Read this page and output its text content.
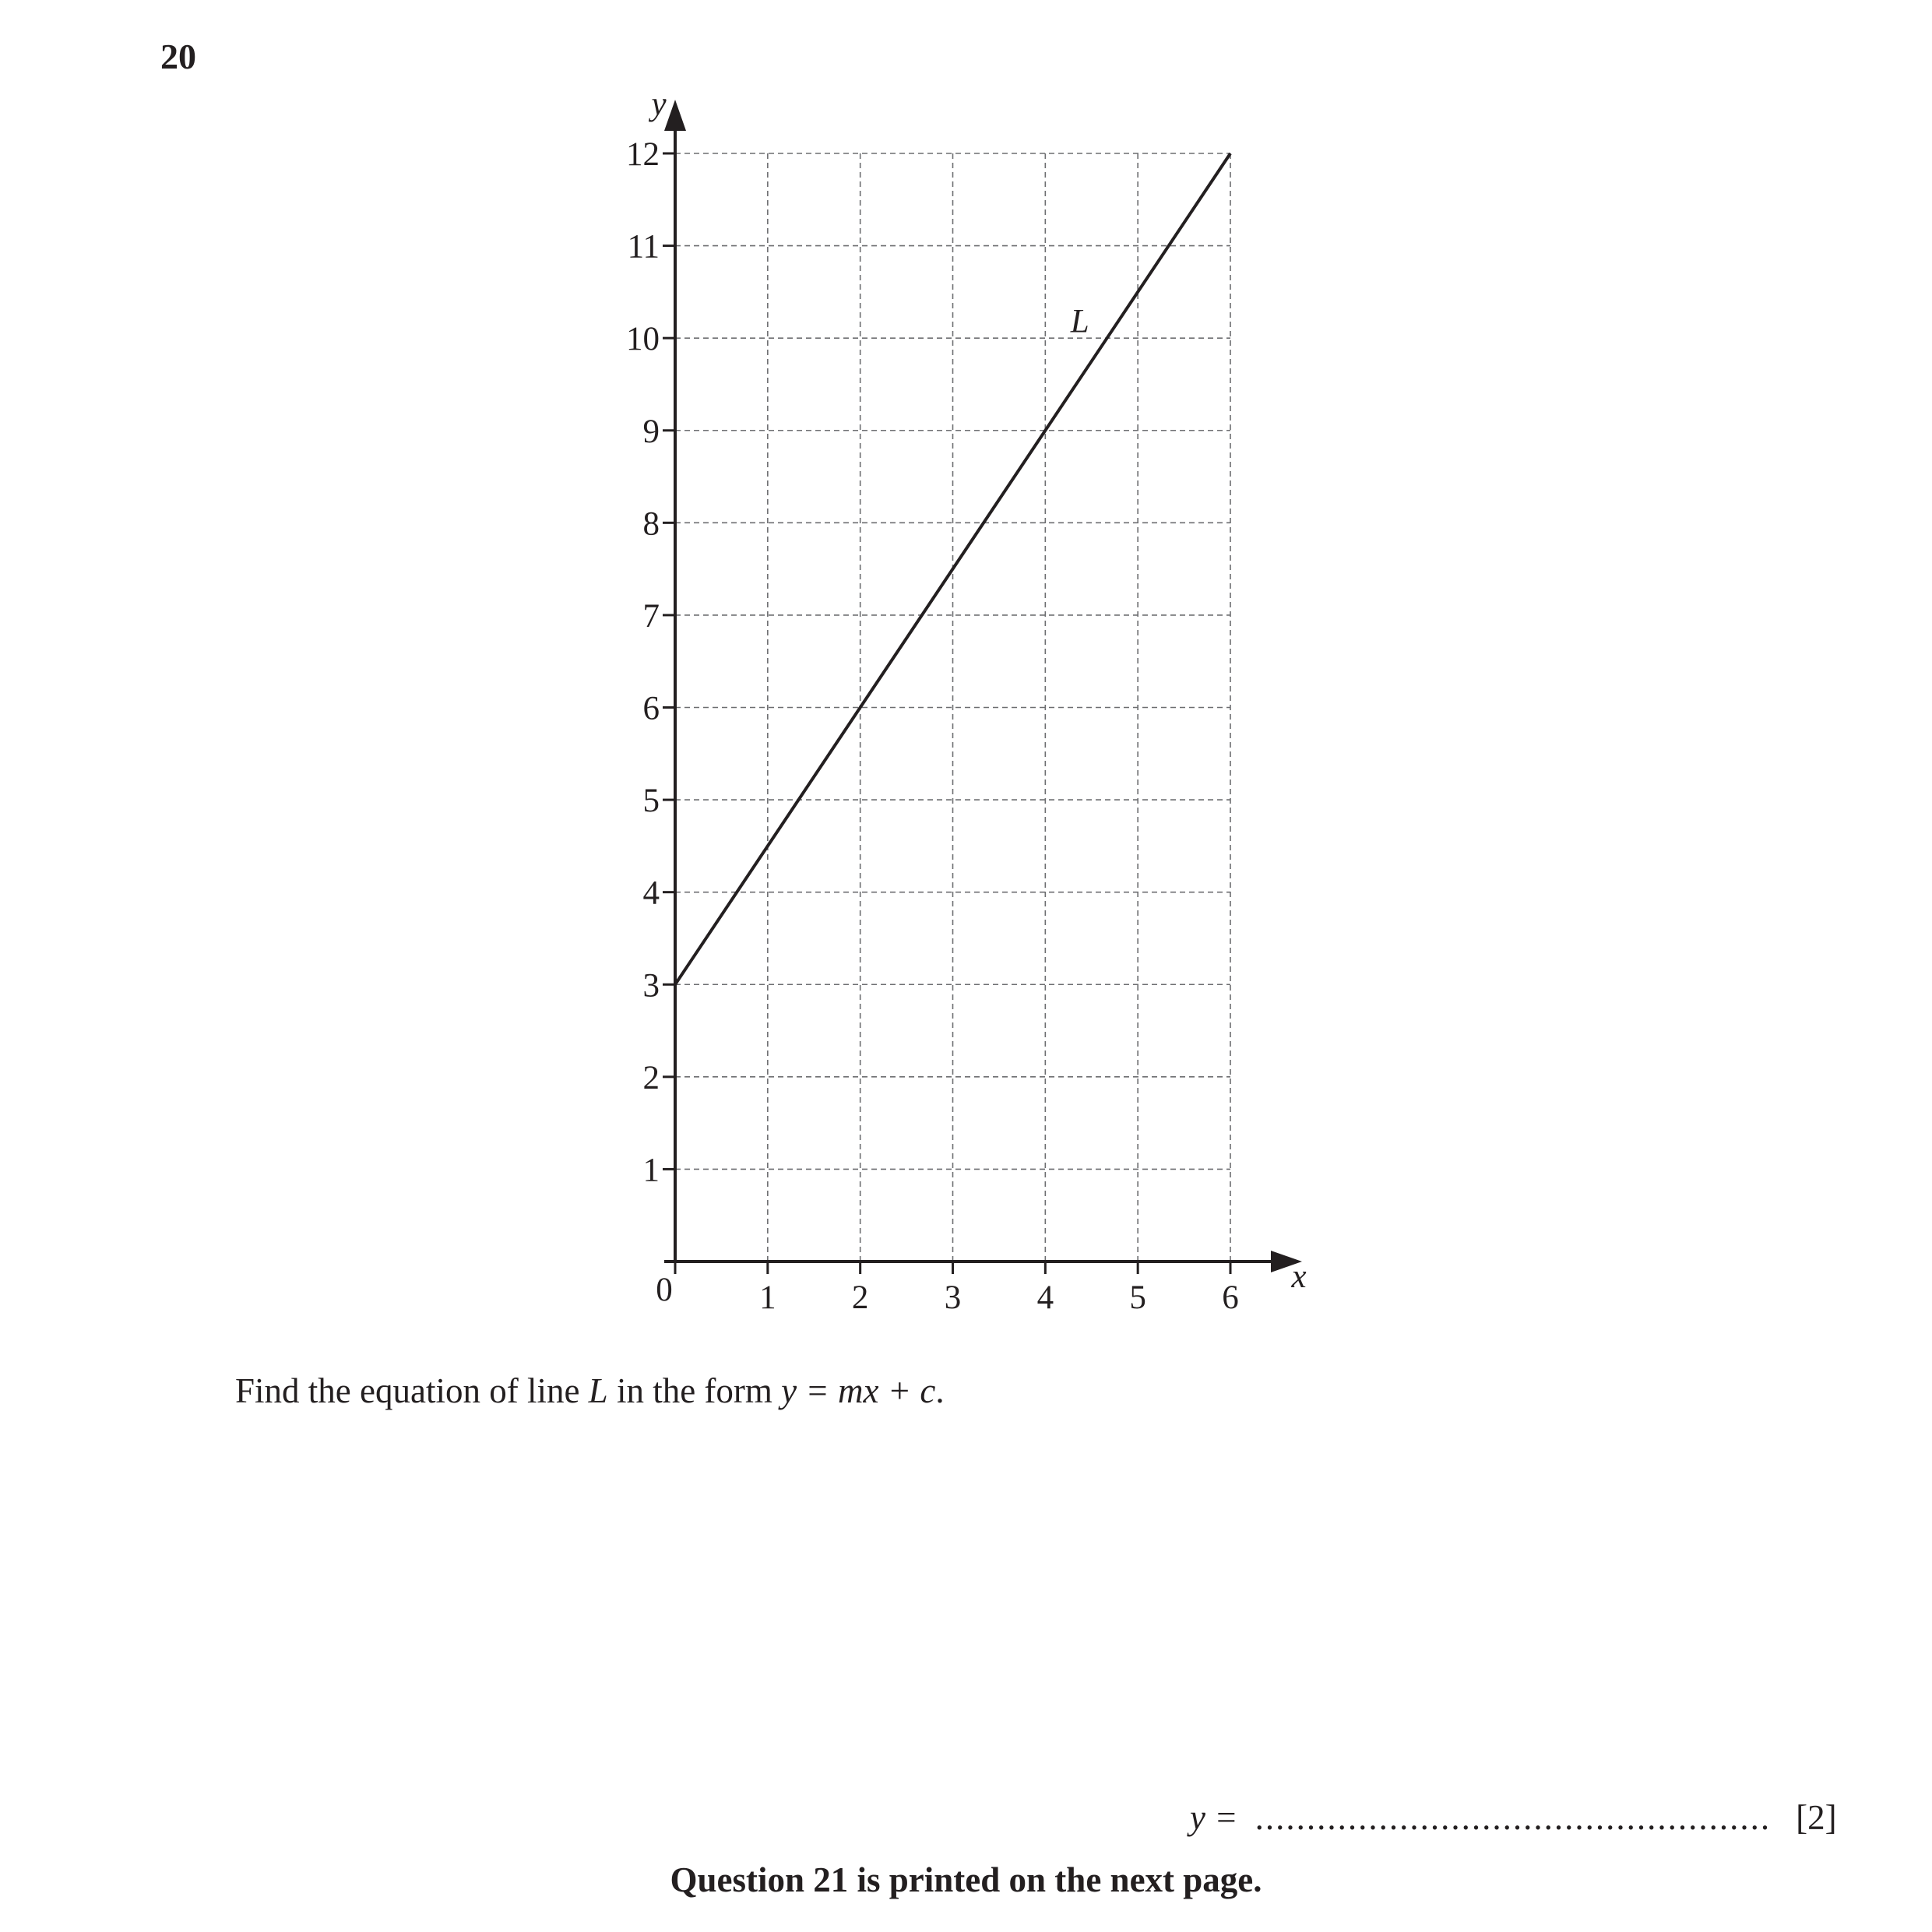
20
1 2 3 4 5 6
1
2
3
4
5
6
7
8
9
10
11
12
0	x
y
L
Find the equation of line L in the form y = mx + c.
y = .................................................. [2]
Question 21 is printed on the next page.
